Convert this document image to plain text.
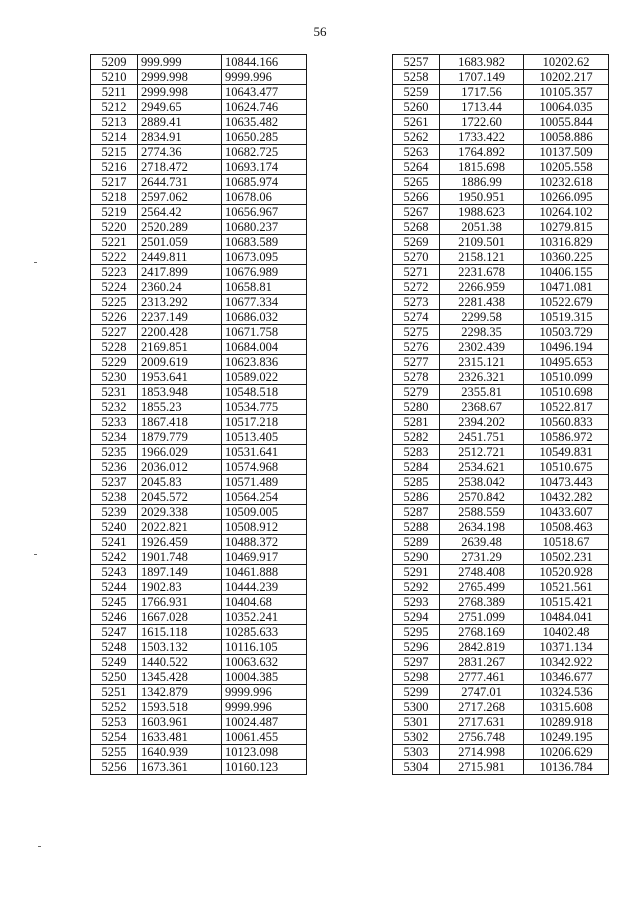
56
5209	999.999	10844.166
5210	2999.998	9999.996
5211	2999.998	10643.477
5212	2949.65	10624.746
5213	2889.41	10635.482
5214	2834.91	10650.285
5215	2774.36	10682.725
5216	2718.472	10693.174
5217	2644.731	10685.974
5218	2597.062	10678.06
5219	2564.42	10656.967
5220	2520.289	10680.237
5221	2501.059	10683.589
5222	2449.811	10673.095
5223	2417.899	10676.989
5224	2360.24	10658.81
5225	2313.292	10677.334
5226	2237.149	10686.032
5227	2200.428	10671.758
5228	2169.851	10684.004
5229	2009.619	10623.836
5230	1953.641	10589.022
5231	1853.948	10548.518
5232	1855.23	10534.775
5233	1867.418	10517.218
5234	1879.779	10513.405
5235	1966.029	10531.641
5236	2036.012	10574.968
5237	2045.83	10571.489
5238	2045.572	10564.254
5239	2029.338	10509.005
5240	2022.821	10508.912
5241	1926.459	10488.372
5242	1901.748	10469.917
5243	1897.149	10461.888
5244	1902.83	10444.239
5245	1766.931	10404.68
5246	1667.028	10352.241
5247	1615.118	10285.633
5248	1503.132	10116.105
5249	1440.522	10063.632
5250	1345.428	10004.385
5251	1342.879	9999.996
5252	1593.518	9999.996
5253	1603.961	10024.487
5254	1633.481	10061.455
5255	1640.939	10123.098
5256	1673.361	10160.123
5257	1683.982	10202.62
5258	1707.149	10202.217
5259	1717.56	10105.357
5260	1713.44	10064.035
5261	1722.60	10055.844
5262	1733.422	10058.886
5263	1764.892	10137.509
5264	1815.698	10205.558
5265	1886.99	10232.618
5266	1950.951	10266.095
5267	1988.623	10264.102
5268	2051.38	10279.815
5269	2109.501	10316.829
5270	2158.121	10360.225
5271	2231.678	10406.155
5272	2266.959	10471.081
5273	2281.438	10522.679
5274	2299.58	10519.315
5275	2298.35	10503.729
5276	2302.439	10496.194
5277	2315.121	10495.653
5278	2326.321	10510.099
5279	2355.81	10510.698
5280	2368.67	10522.817
5281	2394.202	10560.833
5282	2451.751	10586.972
5283	2512.721	10549.831
5284	2534.621	10510.675
5285	2538.042	10473.443
5286	2570.842	10432.282
5287	2588.559	10433.607
5288	2634.198	10508.463
5289	2639.48	10518.67
5290	2731.29	10502.231
5291	2748.408	10520.928
5292	2765.499	10521.561
5293	2768.389	10515.421
5294	2751.099	10484.041
5295	2768.169	10402.48
5296	2842.819	10371.134
5297	2831.267	10342.922
5298	2777.461	10346.677
5299	2747.01	10324.536
5300	2717.268	10315.608
5301	2717.631	10289.918
5302	2756.748	10249.195
5303	2714.998	10206.629
5304	2715.981	10136.784
